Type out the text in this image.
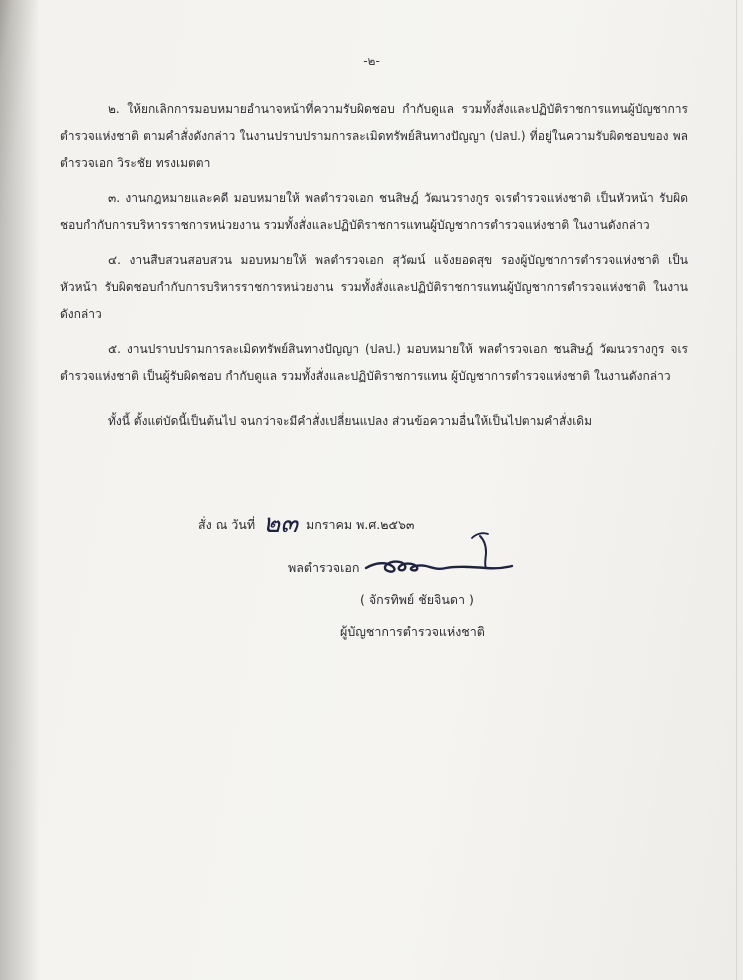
-๒-

๒. ให้ยกเลิกการมอบหมายอำนาจหน้าที่ความรับผิดชอบ กำกับดูแล รวมทั้งสั่งและปฏิบัติราชการแทนผู้บัญชาการตำรวจแห่งชาติ ตามคำสั่งดังกล่าว ในงานปราบปรามการละเมิดทรัพย์สินทางปัญญา (ปลป.) ที่อยู่ในความรับผิดชอบของ พลตำรวจเอก วิระชัย ทรงเมตตา

๓. งานกฎหมายและคดี มอบหมายให้ พลตำรวจเอก ชนสิษฎ์ วัฒนวรางกูร จเรตำรวจแห่งชาติ เป็นหัวหน้า รับผิดชอบกำกับการบริหารราชการหน่วยงาน รวมทั้งสั่งและปฏิบัติราชการแทนผู้บัญชาการตำรวจแห่งชาติ ในงานดังกล่าว

๔. งานสืบสวนสอบสวน มอบหมายให้ พลตำรวจเอก สุวัฒน์ แจ้งยอดสุข รองผู้บัญชาการตำรวจแห่งชาติ เป็นหัวหน้า รับผิดชอบกำกับการบริหารราชการหน่วยงาน รวมทั้งสั่งและปฏิบัติราชการแทนผู้บัญชาการตำรวจแห่งชาติ ในงานดังกล่าว

๕. งานปราบปรามการละเมิดทรัพย์สินทางปัญญา (ปลป.) มอบหมายให้ พลตำรวจเอก ชนสิษฎ์ วัฒนวรางกูร จเรตำรวจแห่งชาติ เป็นผู้รับผิดชอบ กำกับดูแล รวมทั้งสั่งและปฏิบัติราชการแทน ผู้บัญชาการตำรวจแห่งชาติ ในงานดังกล่าว

ทั้งนี้ ตั้งแต่บัดนี้เป็นต้นไป จนกว่าจะมีคำสั่งเปลี่ยนแปลง ส่วนข้อความอื่นให้เป็นไปตามคำสั่งเดิม

สั่ง ณ วันที่ ๒๓ มกราคม พ.ศ.๒๕๖๓
พลตำรวจเอก
( จักรทิพย์ ชัยจินดา )
ผู้บัญชาการตำรวจแห่งชาติ
